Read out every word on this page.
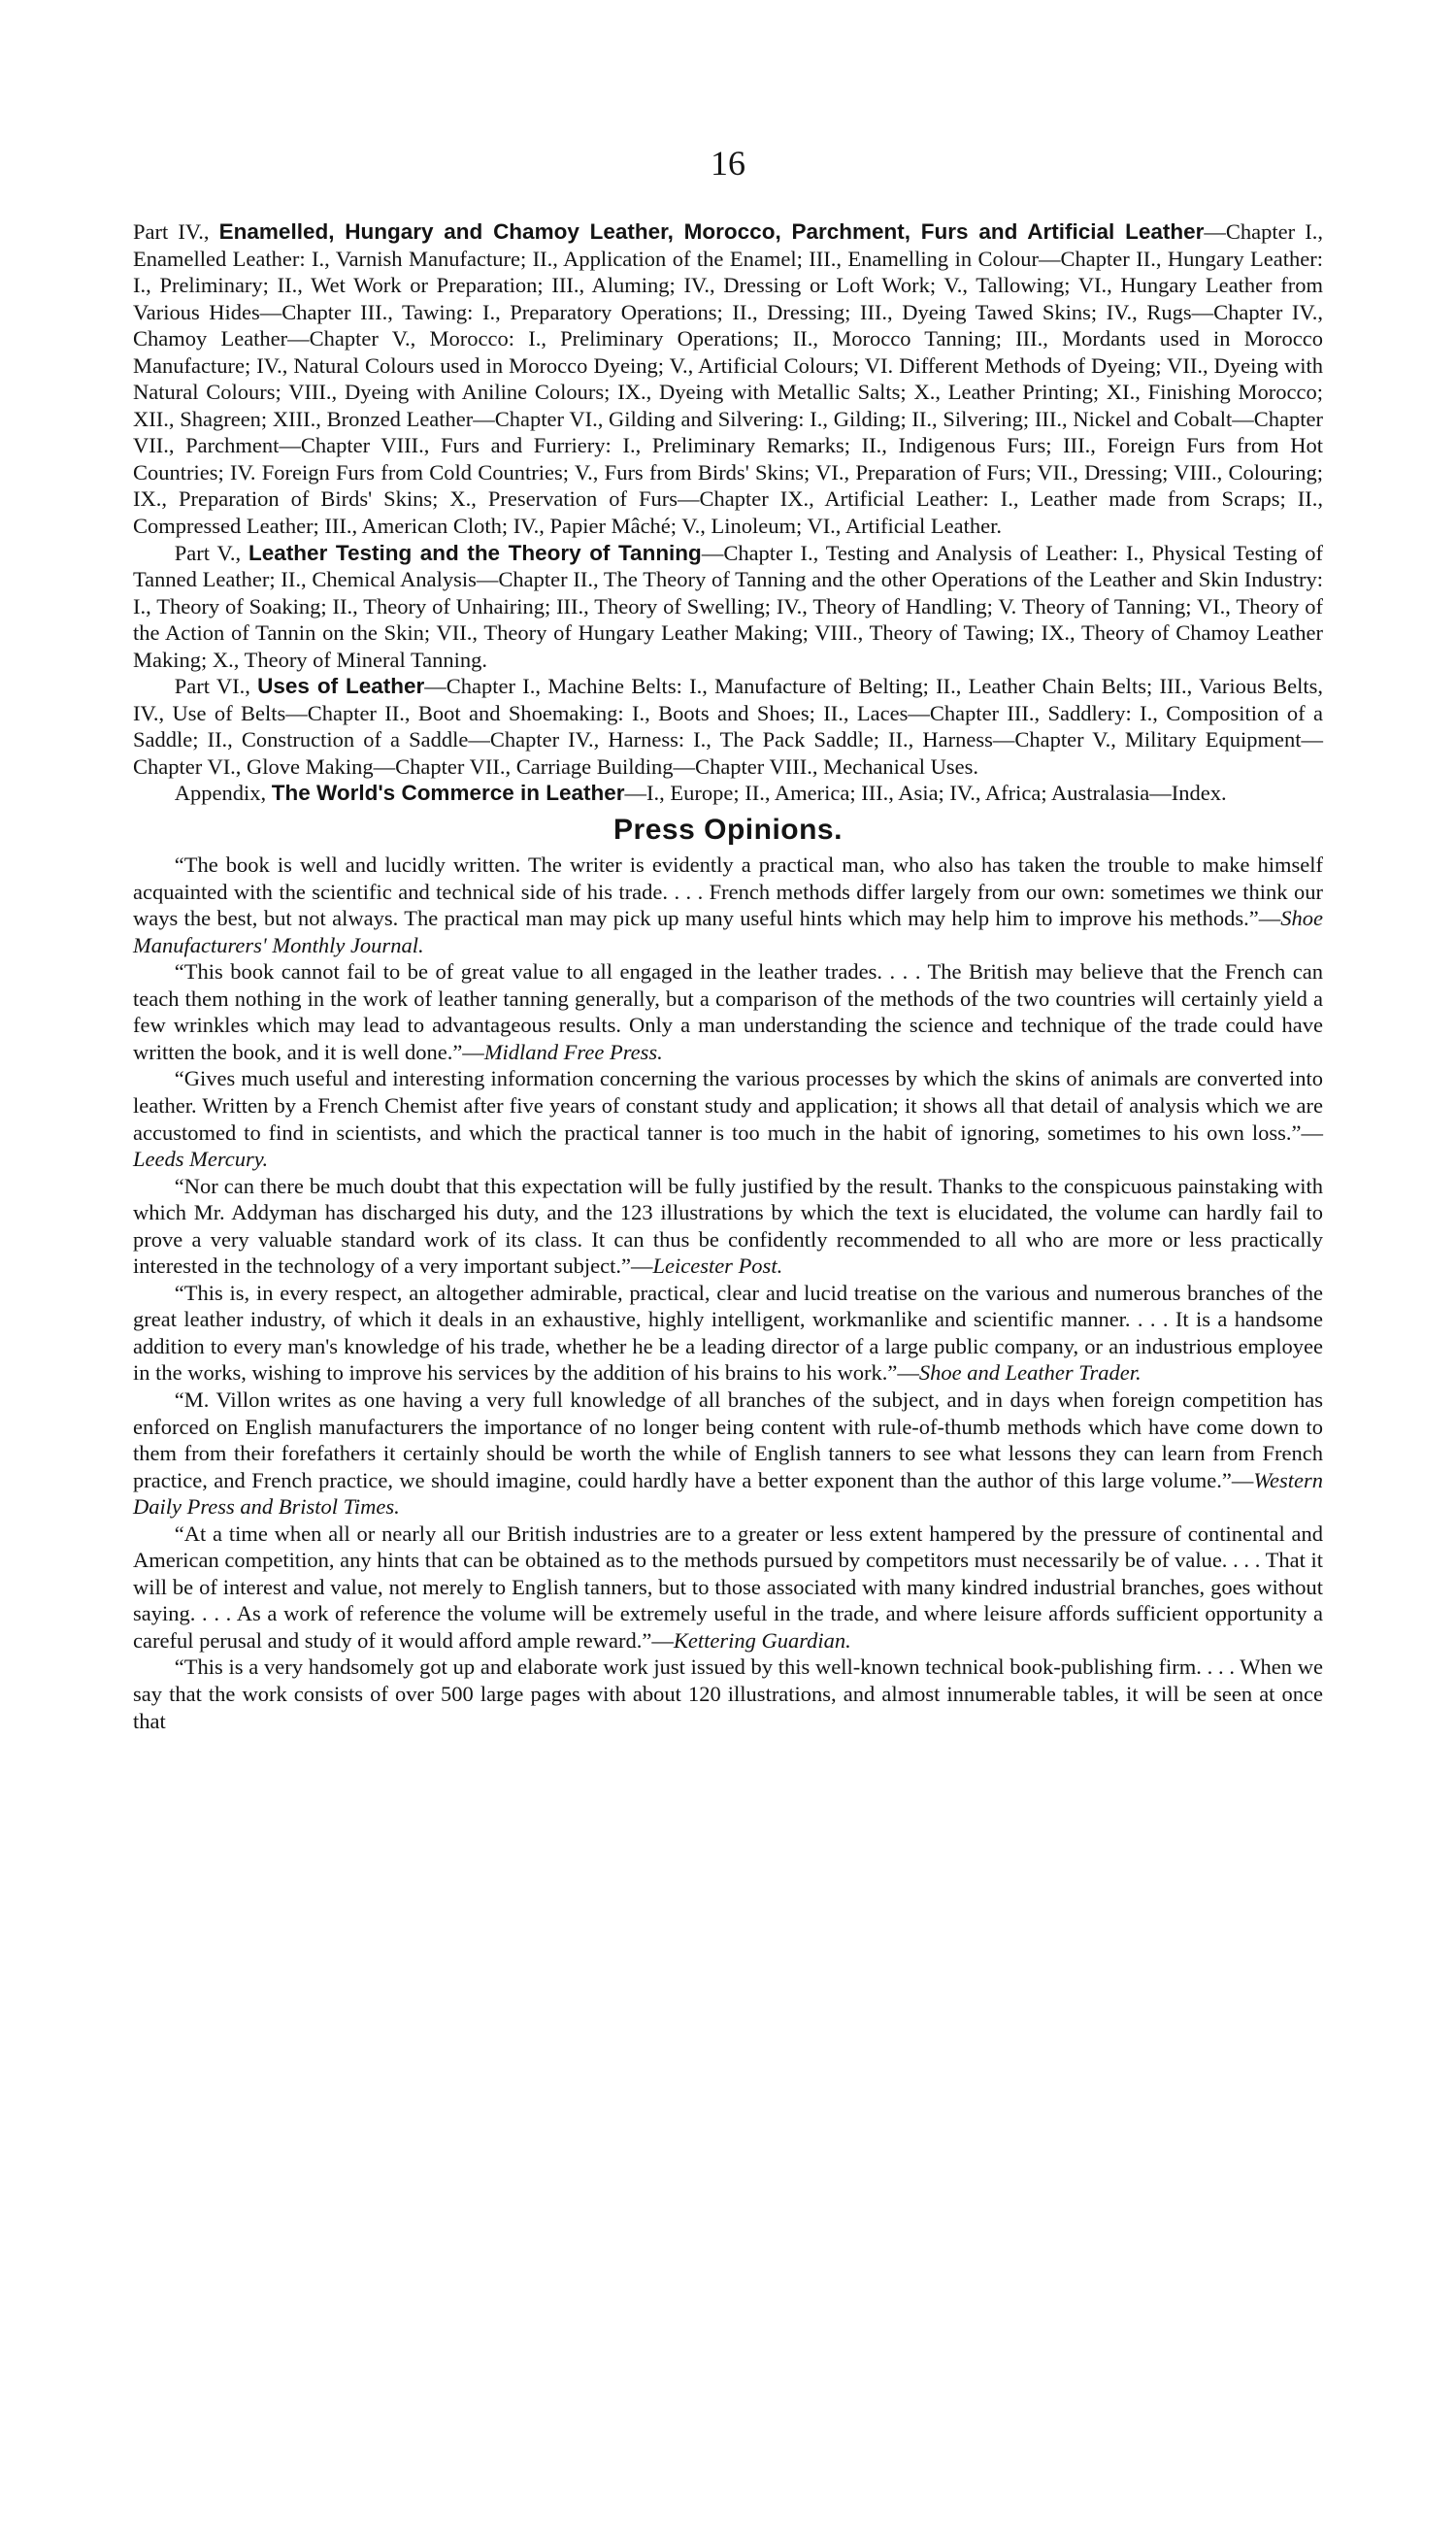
16

Part IV., Enamelled, Hungary and Chamoy Leather, Morocco, Parchment, Furs and Artificial Leather—Chapter I., Enamelled Leather: I., Varnish Manufacture; II., Application of the Enamel; III., Enamelling in Colour—Chapter II., Hungary Leather: I., Preliminary; II., Wet Work or Preparation; III., Aluming; IV., Dressing or Loft Work; V., Tallowing; VI., Hungary Leather from Various Hides—Chapter III., Tawing: I., Preparatory Operations; II., Dressing; III., Dyeing Tawed Skins; IV., Rugs—Chapter IV., Chamoy Leather—Chapter V., Morocco: I., Preliminary Operations; II., Morocco Tanning; III., Mordants used in Morocco Manufacture; IV., Natural Colours used in Morocco Dyeing; V., Artificial Colours; VI. Different Methods of Dyeing; VII., Dyeing with Natural Colours; VIII., Dyeing with Aniline Colours; IX., Dyeing with Metallic Salts; X., Leather Printing; XI., Finishing Morocco; XII., Shagreen; XIII., Bronzed Leather—Chapter VI., Gilding and Silvering: I., Gilding; II., Silvering; III., Nickel and Cobalt—Chapter VII., Parchment—Chapter VIII., Furs and Furriery: I., Preliminary Remarks; II., Indigenous Furs; III., Foreign Furs from Hot Countries; IV. Foreign Furs from Cold Countries; V., Furs from Birds' Skins; VI., Preparation of Furs; VII., Dressing; VIII., Colouring; IX., Preparation of Birds' Skins; X., Preservation of Furs—Chapter IX., Artificial Leather: I., Leather made from Scraps; II., Compressed Leather; III., American Cloth; IV., Papier Mâché; V., Linoleum; VI., Artificial Leather.

Part V., Leather Testing and the Theory of Tanning—Chapter I., Testing and Analysis of Leather: I., Physical Testing of Tanned Leather; II., Chemical Analysis—Chapter II., The Theory of Tanning and the other Operations of the Leather and Skin Industry: I., Theory of Soaking; II., Theory of Unhairing; III., Theory of Swelling; IV., Theory of Handling; V. Theory of Tanning; VI., Theory of the Action of Tannin on the Skin; VII., Theory of Hungary Leather Making; VIII., Theory of Tawing; IX., Theory of Chamoy Leather Making; X., Theory of Mineral Tanning.

Part VI., Uses of Leather—Chapter I., Machine Belts: I., Manufacture of Belting; II., Leather Chain Belts; III., Various Belts, IV., Use of Belts—Chapter II., Boot and Shoemaking: I., Boots and Shoes; II., Laces—Chapter III., Saddlery: I., Composition of a Saddle; II., Construction of a Saddle—Chapter IV., Harness: I., The Pack Saddle; II., Harness—Chapter V., Military Equipment—Chapter VI., Glove Making—Chapter VII., Carriage Building—Chapter VIII., Mechanical Uses.

Appendix, The World's Commerce in Leather—I., Europe; II., America; III., Asia; IV., Africa; Australasia—Index.

Press Opinions.

“The book is well and lucidly written. The writer is evidently a practical man, who also has taken the trouble to make himself acquainted with the scientific and technical side of his trade. . . . French methods differ largely from our own: sometimes we think our ways the best, but not always. The practical man may pick up many useful hints which may help him to improve his methods.”—Shoe Manufacturers' Monthly Journal.

“This book cannot fail to be of great value to all engaged in the leather trades. . . . The British may believe that the French can teach them nothing in the work of leather tanning generally, but a comparison of the methods of the two countries will certainly yield a few wrinkles which may lead to advantageous results. Only a man understanding the science and technique of the trade could have written the book, and it is well done.”—Midland Free Press.

“Gives much useful and interesting information concerning the various processes by which the skins of animals are converted into leather. Written by a French Chemist after five years of constant study and application; it shows all that detail of analysis which we are accustomed to find in scientists, and which the practical tanner is too much in the habit of ignoring, sometimes to his own loss.”—Leeds Mercury.

“Nor can there be much doubt that this expectation will be fully justified by the result. Thanks to the conspicuous painstaking with which Mr. Addyman has discharged his duty, and the 123 illustrations by which the text is elucidated, the volume can hardly fail to prove a very valuable standard work of its class. It can thus be confidently recommended to all who are more or less practically interested in the technology of a very important subject.”—Leicester Post.

“This is, in every respect, an altogether admirable, practical, clear and lucid treatise on the various and numerous branches of the great leather industry, of which it deals in an exhaustive, highly intelligent, workmanlike and scientific manner. . . . It is a handsome addition to every man's knowledge of his trade, whether he be a leading director of a large public company, or an industrious employee in the works, wishing to improve his services by the addition of his brains to his work.”—Shoe and Leather Trader.

“M. Villon writes as one having a very full knowledge of all branches of the subject, and in days when foreign competition has enforced on English manufacturers the importance of no longer being content with rule-of-thumb methods which have come down to them from their forefathers it certainly should be worth the while of English tanners to see what lessons they can learn from French practice, and French practice, we should imagine, could hardly have a better exponent than the author of this large volume.”—Western Daily Press and Bristol Times.

“At a time when all or nearly all our British industries are to a greater or less extent hampered by the pressure of continental and American competition, any hints that can be obtained as to the methods pursued by competitors must necessarily be of value. . . . That it will be of interest and value, not merely to English tanners, but to those associated with many kindred industrial branches, goes without saying. . . . As a work of reference the volume will be extremely useful in the trade, and where leisure affords sufficient opportunity a careful perusal and study of it would afford ample reward.”—Kettering Guardian.

“This is a very handsomely got up and elaborate work just issued by this well-known technical book-publishing firm. . . . When we say that the work consists of over 500 large pages with about 120 illustrations, and almost innumerable tables, it will be seen at once that
